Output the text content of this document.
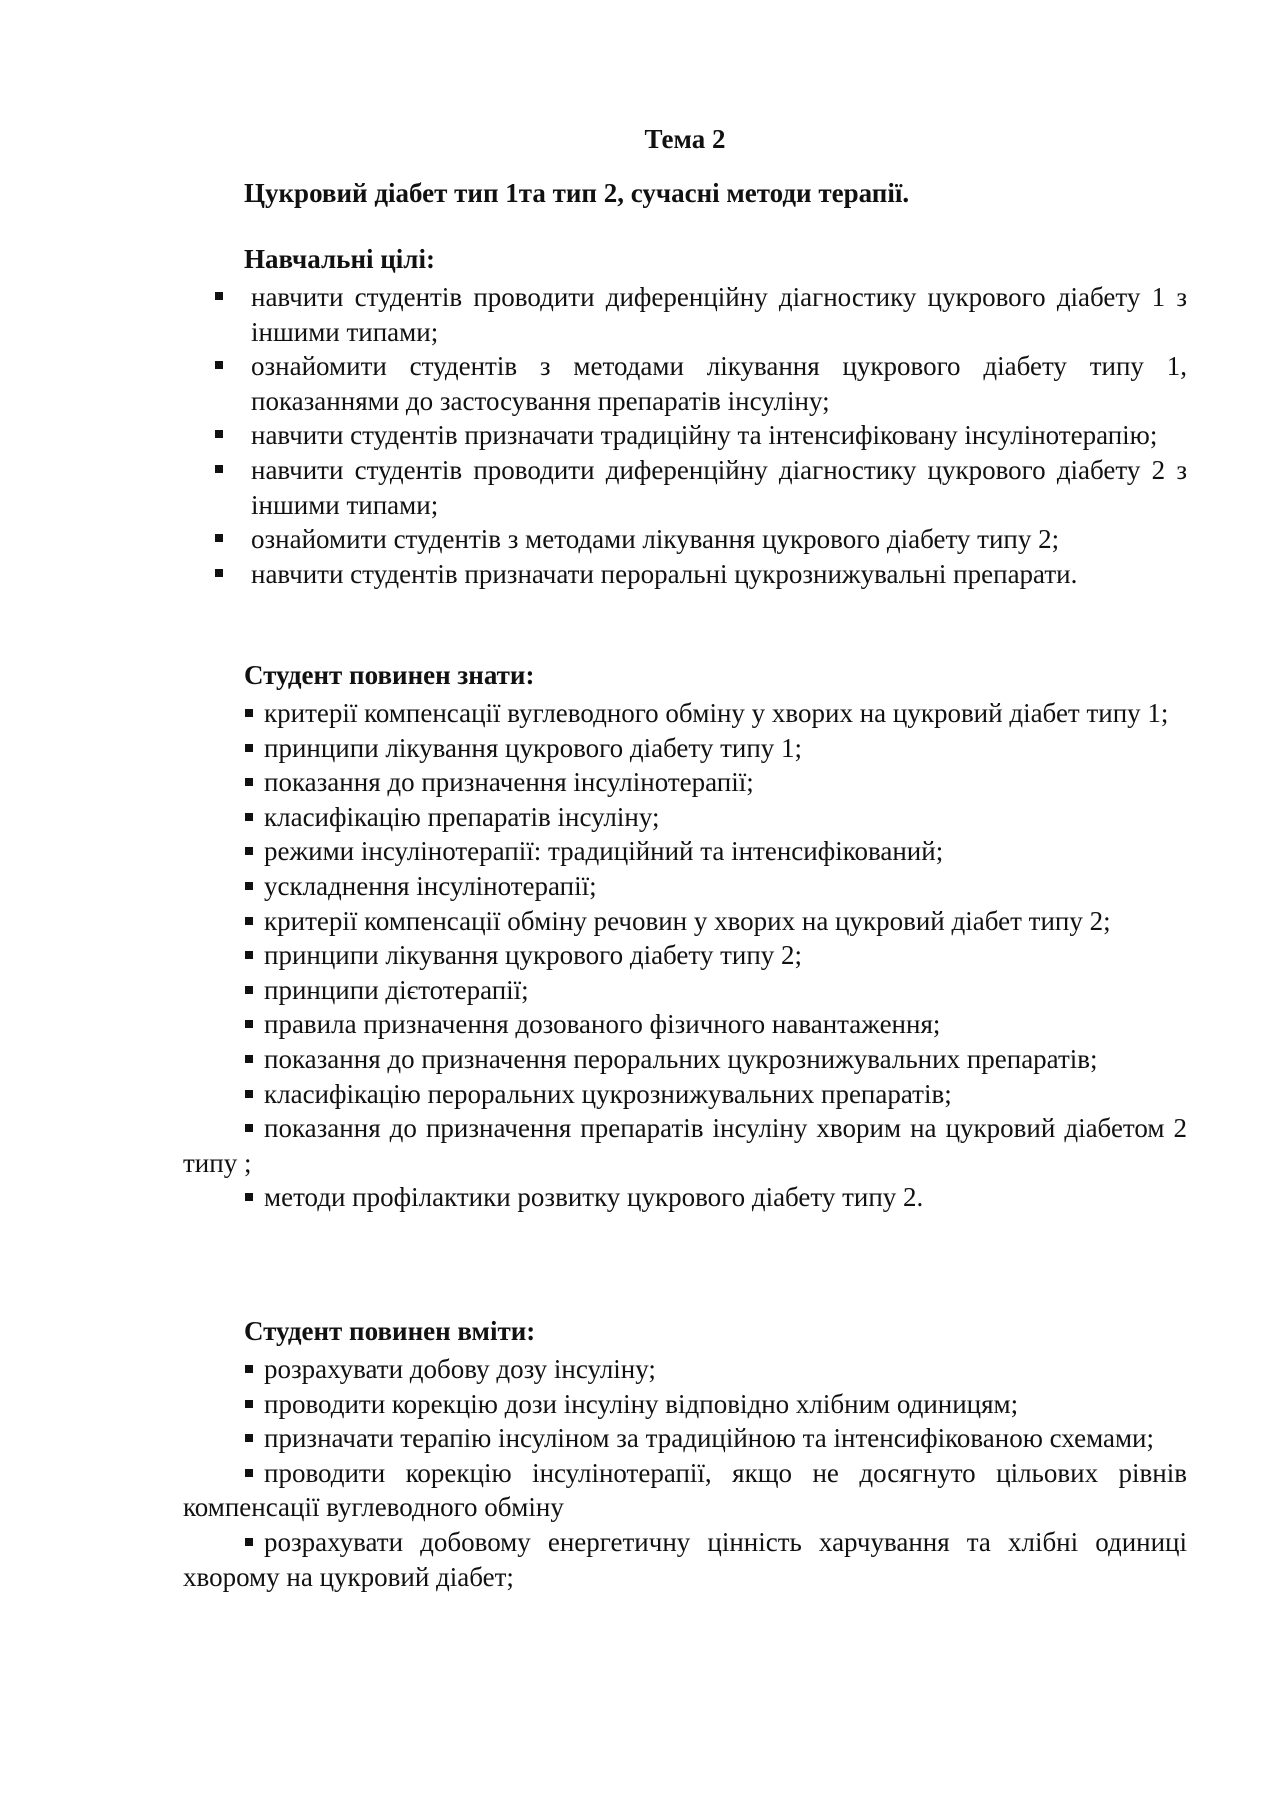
Тема 2
Цукровий діабет тип 1та тип 2, сучасні методи терапії.
Навчальні цілі:
навчити студентів проводити диференційну діагностику цукрового діабету 1 з іншими типами;
ознайомити студентів з методами лікування цукрового діабету типу 1, показаннями до застосування препаратів інсуліну;
навчити студентів призначати традиційну та інтенсифіковану інсулінотерапію;
навчити студентів проводити диференційну діагностику цукрового діабету 2 з іншими типами;
ознайомити студентів з методами лікування цукрового діабету типу 2;
навчити студентів призначати пероральні цукрознижувальні препарати.
Студент повинен знати:
критерії компенсації вуглеводного обміну у хворих на цукровий діабет типу 1;
принципи лікування цукрового діабету типу 1;
показання до призначення інсулінотерапії;
класифікацію препаратів інсуліну;
режими інсулінотерапії: традиційний та інтенсифікований;
ускладнення інсулінотерапії;
критерії компенсації обміну речовин у хворих на цукровий діабет типу 2;
принципи лікування цукрового діабету типу 2;
принципи дієтотерапії;
правила призначення дозованого фізичного навантаження;
показання до призначення пероральних цукрознижувальних препаратів;
класифікацію пероральних цукрознижувальних препаратів;
показання до призначення препаратів інсуліну хворим на цукровий діабетом 2 типу ;
методи профілактики розвитку цукрового діабету типу 2.
Студент повинен вміти:
розрахувати добову дозу інсуліну;
проводити корекцію дози інсуліну відповідно хлібним одиницям;
призначати терапію інсуліном за традиційною та інтенсифікованою схемами;
проводити корекцію інсулінотерапії, якщо не досягнуто цільових рівнів компенсації вуглеводного обміну
розрахувати добовому енергетичну цінність харчування та хлібні одиниці хворому на цукровий діабет;
